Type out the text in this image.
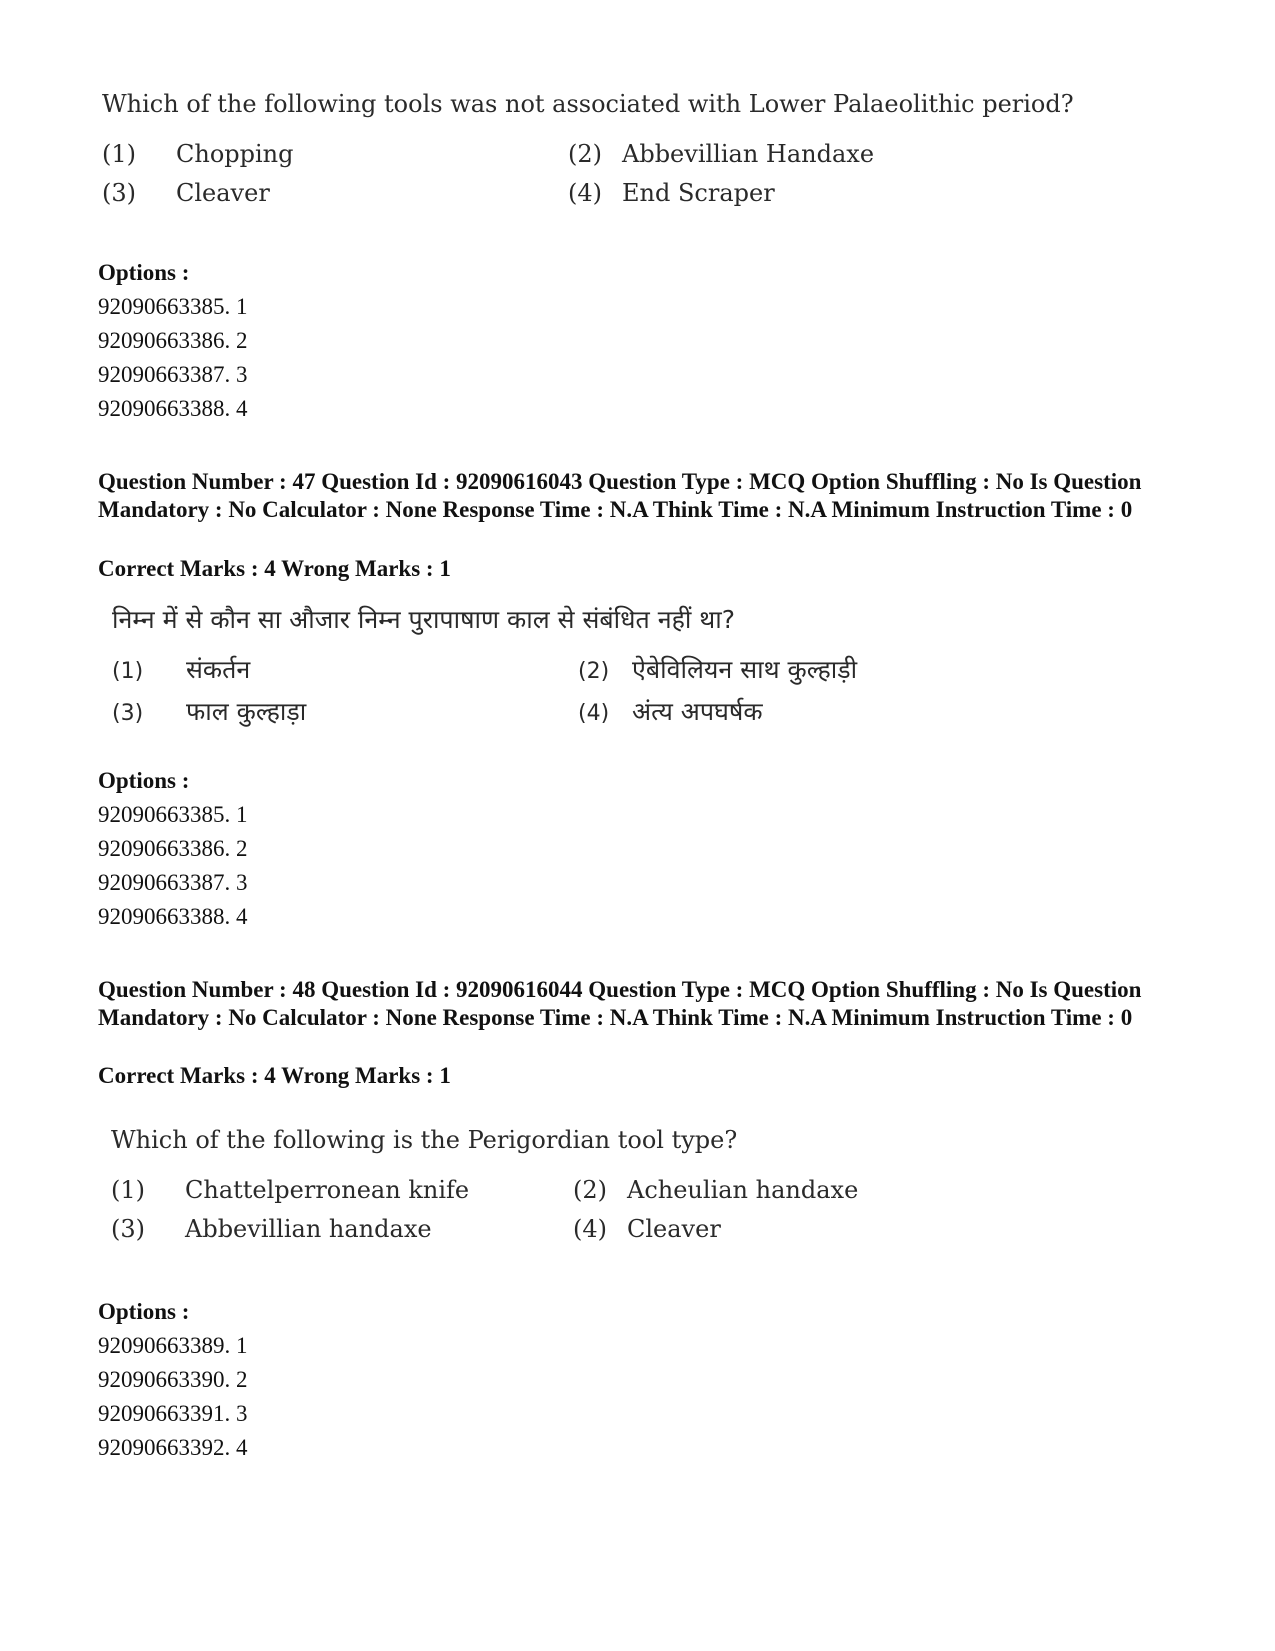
Which of the following tools was not associated with Lower Palaeolithic period?
(1) Chopping	(2) Abbevillian Handaxe
(3) Cleaver	(4) End Scraper
Options :
92090663385. 1
92090663386. 2
92090663387. 3
92090663388. 4
Question Number : 47 Question Id : 92090616043 Question Type : MCQ Option Shuffling : No Is Question Mandatory : No Calculator : None Response Time : N.A Think Time : N.A Minimum Instruction Time : 0
Correct Marks : 4 Wrong Marks : 1
निम्न में से कौन सा औजार निम्न पुरापाषाण काल से संबंधित नहीं था?
(1) संकर्तन	(2) ऐबेविलियन साथ कुल्हाड़ी
(3) फाल कुल्हाड़ा	(4) अंत्य अपघर्षक
Options :
92090663385. 1
92090663386. 2
92090663387. 3
92090663388. 4
Question Number : 48 Question Id : 92090616044 Question Type : MCQ Option Shuffling : No Is Question Mandatory : No Calculator : None Response Time : N.A Think Time : N.A Minimum Instruction Time : 0
Correct Marks : 4 Wrong Marks : 1
Which of the following is the Perigordian tool type?
(1) Chattelperronean knife	(2) Acheulian handaxe
(3) Abbevillian handaxe	(4) Cleaver
Options :
92090663389. 1
92090663390. 2
92090663391. 3
92090663392. 4
